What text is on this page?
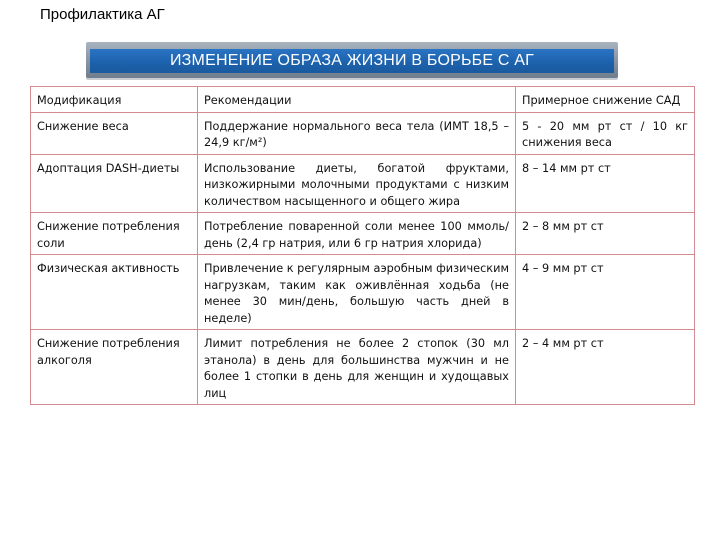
Профилактика АГ
ИЗМЕНЕНИЕ ОБРАЗА ЖИЗНИ В БОРЬБЕ С АГ
Модификация	Рекомендации	Примерное снижение САД
Снижение веса	Поддержание нормального веса тела (ИМТ 18,5 – 24,9 кг/м²)	5 - 20 мм рт ст / 10 кг снижения веса
Адоптация DASH-диеты	Использование диеты, богатой фруктами, низкожирными молочными продуктами с низким количеством насыщенного и общего жира	8 – 14 мм рт ст
Снижение потребления соли	Потребление поваренной соли менее 100 ммоль/день (2,4 гр натрия, или 6 гр натрия хлорида)	2 – 8 мм рт ст
Физическая активность	Привлечение к регулярным аэробным физическим нагрузкам, таким как оживлённая ходьба (не менее 30 мин/день, большую часть дней в неделе)	4 – 9 мм рт ст
Снижение потребления алкоголя	Лимит потребления не более 2 стопок (30 мл этанола) в день для большинства мужчин и не более 1 стопки в день для женщин и худощавых лиц	2 – 4 мм рт ст
